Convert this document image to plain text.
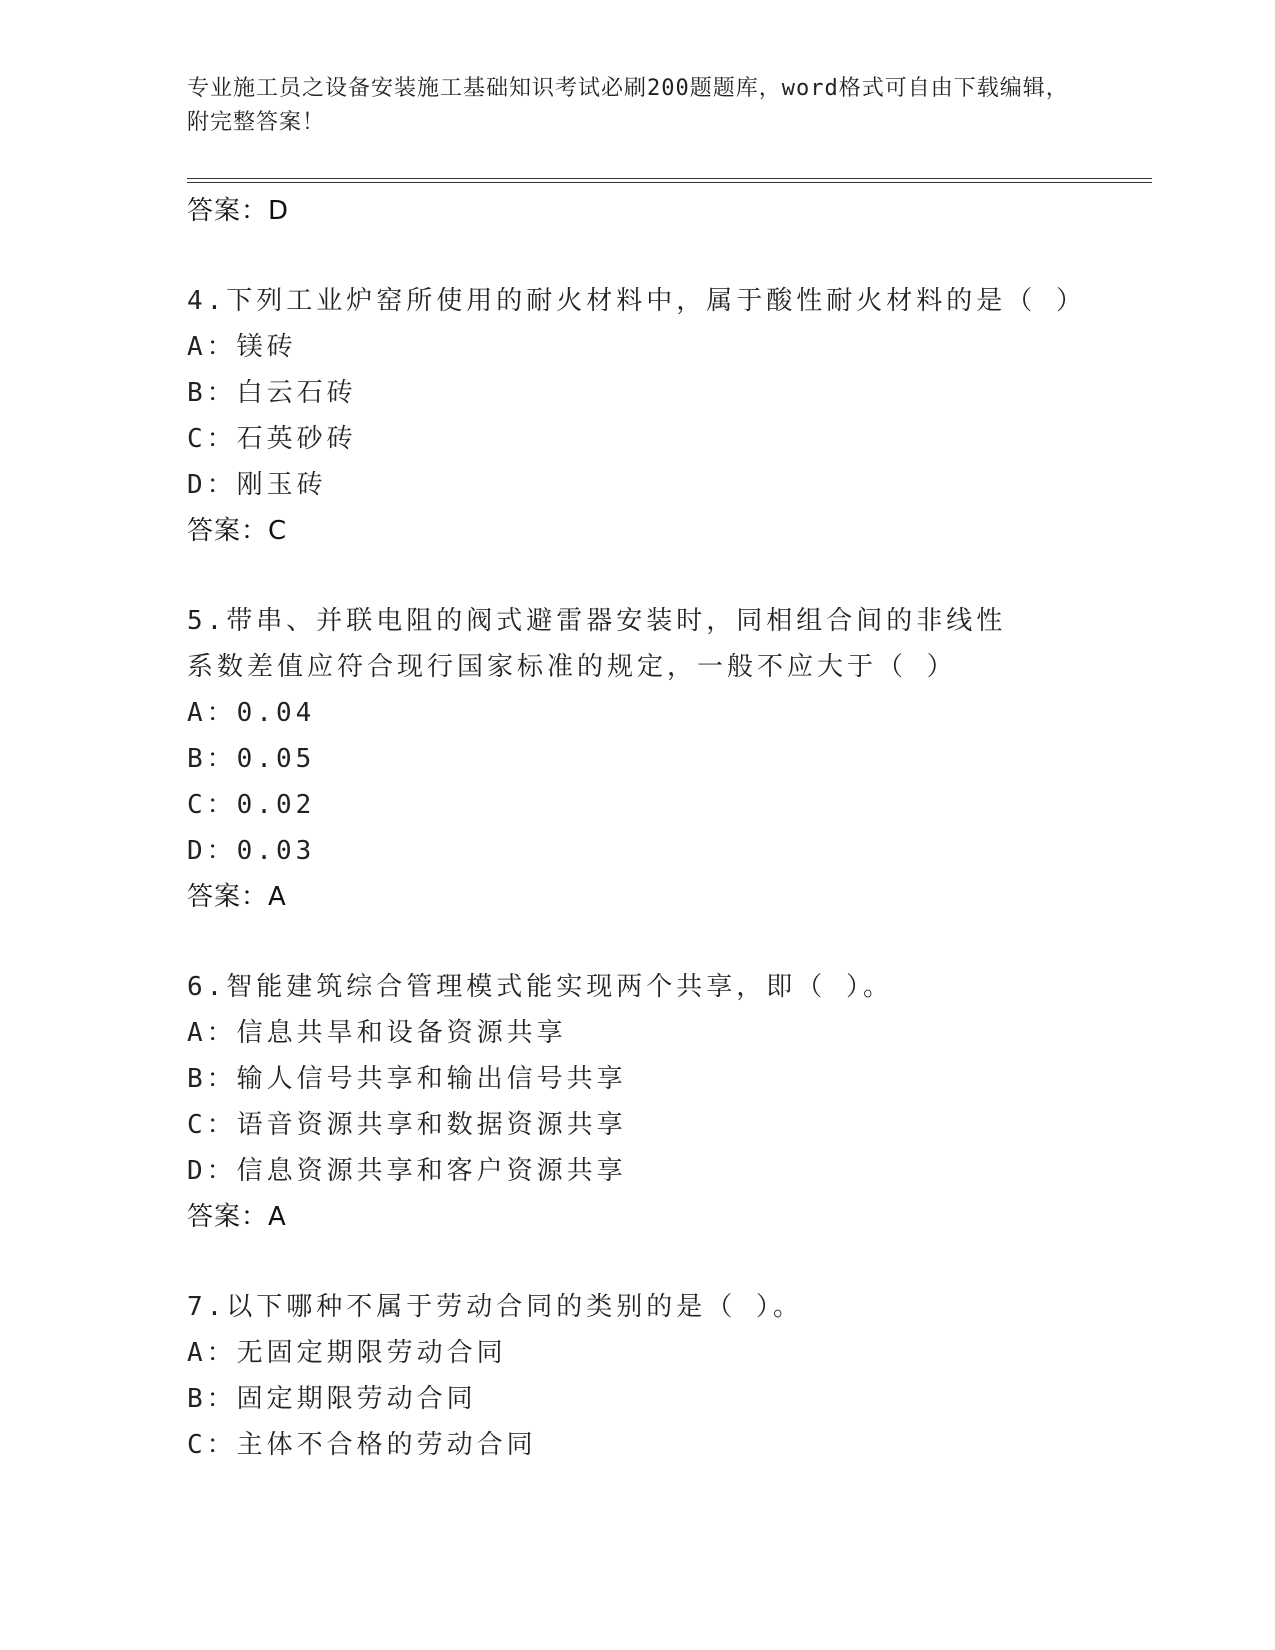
专业施工员之设备安装施工基础知识考试必刷200题题库，word格式可自由下载编辑，附完整答案！
答案：D
4.下列工业炉窑所使用的耐火材料中，属于酸性耐火材料的是（ ）
A：镁砖
B：白云石砖
C：石英砂砖
D：刚玉砖
答案：C
5.带串、并联电阻的阀式避雷器安装时，同相组合间的非线性系数差值应符合现行国家标准的规定，一般不应大于（ ）
A：0.04
B：0.05
C：0.02
D：0.03
答案：A
6.智能建筑综合管理模式能实现两个共享，即（ ）。
A：信息共旱和设备资源共享
B：输人信号共享和输出信号共享
C：语音资源共享和数据资源共享
D：信息资源共享和客户资源共享
答案：A
7.以下哪种不属于劳动合同的类别的是（ ）。
A：无固定期限劳动合同
B：固定期限劳动合同
C：主体不合格的劳动合同
